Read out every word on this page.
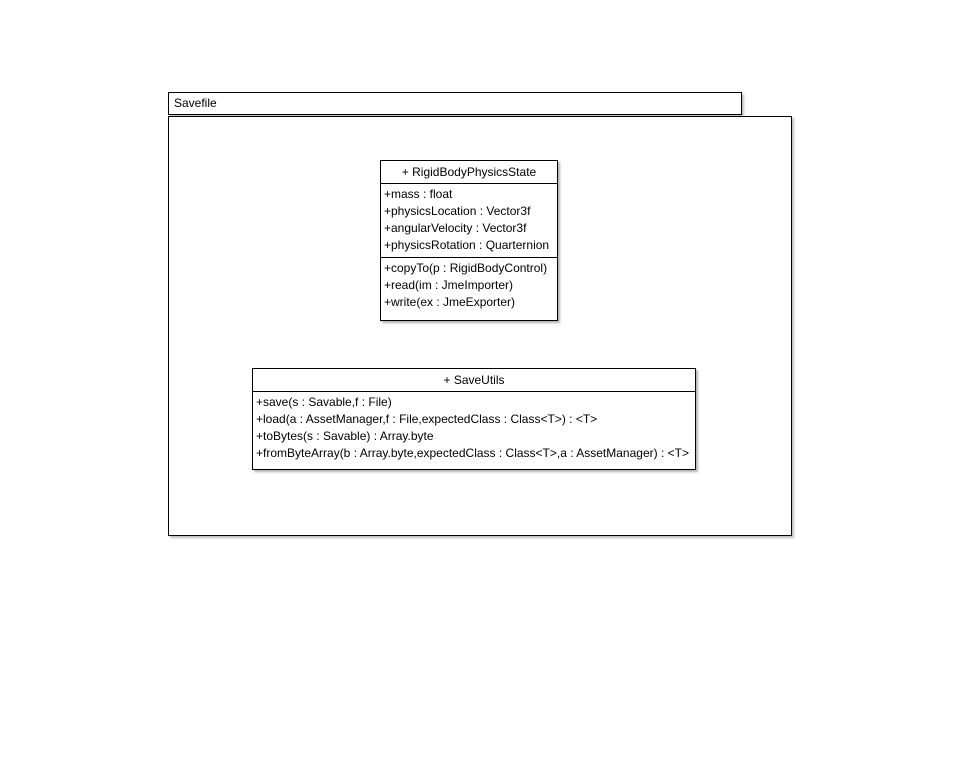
Savefile
+ RigidBodyPhysicsState
+mass : float
+physicsLocation : Vector3f
+angularVelocity : Vector3f
+physicsRotation : Quarternion
+copyTo(p : RigidBodyControl)
+read(im : JmeImporter)
+write(ex : JmeExporter)
+ SaveUtils
+save(s : Savable,f : File)
+load(a : AssetManager,f : File,expectedClass : Class<T>) : <T>
+toBytes(s : Savable) : Array.byte
+fromByteArray(b : Array.byte,expectedClass : Class<T>,a : AssetManager) : <T>
